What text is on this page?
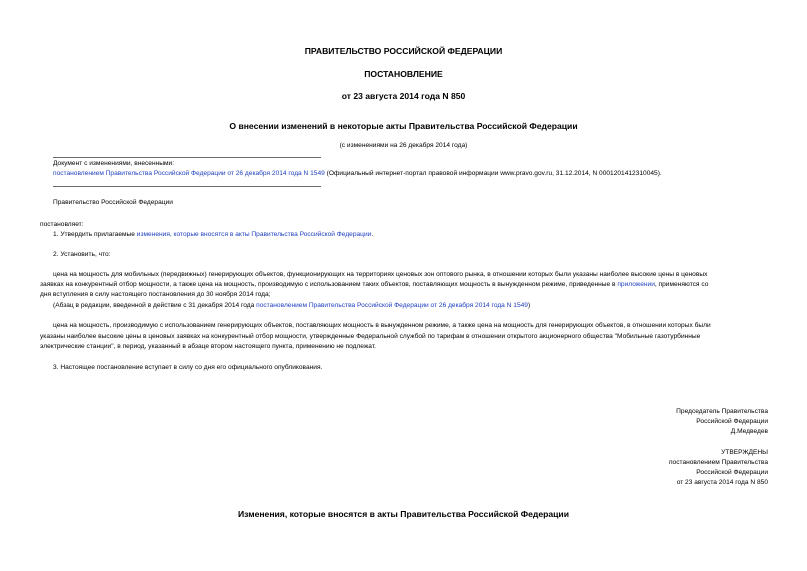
ПРАВИТЕЛЬСТВО РОССИЙСКОЙ ФЕДЕРАЦИИ
ПОСТАНОВЛЕНИЕ
от 23 августа 2014 года N 850
О внесении изменений в некоторые акты Правительства Российской Федерации
(с изменениями на 26 декабря 2014 года)
Документ с изменениями, внесенными:
постановлением Правительства Российской Федерации от 26 декабря 2014 года N 1549 (Официальный интернет-портал правовой информации www.pravo.gov.ru, 31.12.2014, N 0001201412310045).
Правительство Российской Федерации
постановляет:
1. Утвердить прилагаемые изменения, которые вносятся в акты Правительства Российской Федерации.
2. Установить, что:
цена на мощность для мобильных (передвижных) генерирующих объектов, функционирующих на территориях ценовых зон оптового рынка, в отношении которых были указаны наиболее высокие цены в ценовых
заявках на конкурентный отбор мощности, а также цена на мощность, производимую с использованием таких объектов, поставляющих мощность в вынужденном режиме, приведенные в приложении, применяются со
дня вступления в силу настоящего постановления до 30 ноября 2014 года;
(Абзац в редакции, введенной в действие с 31 декабря 2014 года постановлением Правительства Российской Федерации от 26 декабря 2014 года N 1549)
цена на мощность, производимую с использованием генерирующих объектов, поставляющих мощность в вынужденном режиме, а также цена на мощность для генерирующих объектов, в отношении которых были
указаны наиболее высокие цены в ценовых заявках на конкурентный отбор мощности, утвержденные Федеральной службой по тарифам в отношении открытого акционерного общества "Мобильные газотурбинные
электрические станции", в период, указанный в абзаце втором настоящего пункта, применению не подлежат.
3. Настоящее постановление вступает в силу со дня его официального опубликования.
Председатель Правительства
Российской Федерации
Д.Медведев
УТВЕРЖДЕНЫ
постановлением Правительства
Российской Федерации
от 23 августа 2014 года N 850
Изменения, которые вносятся в акты Правительства Российской Федерации
